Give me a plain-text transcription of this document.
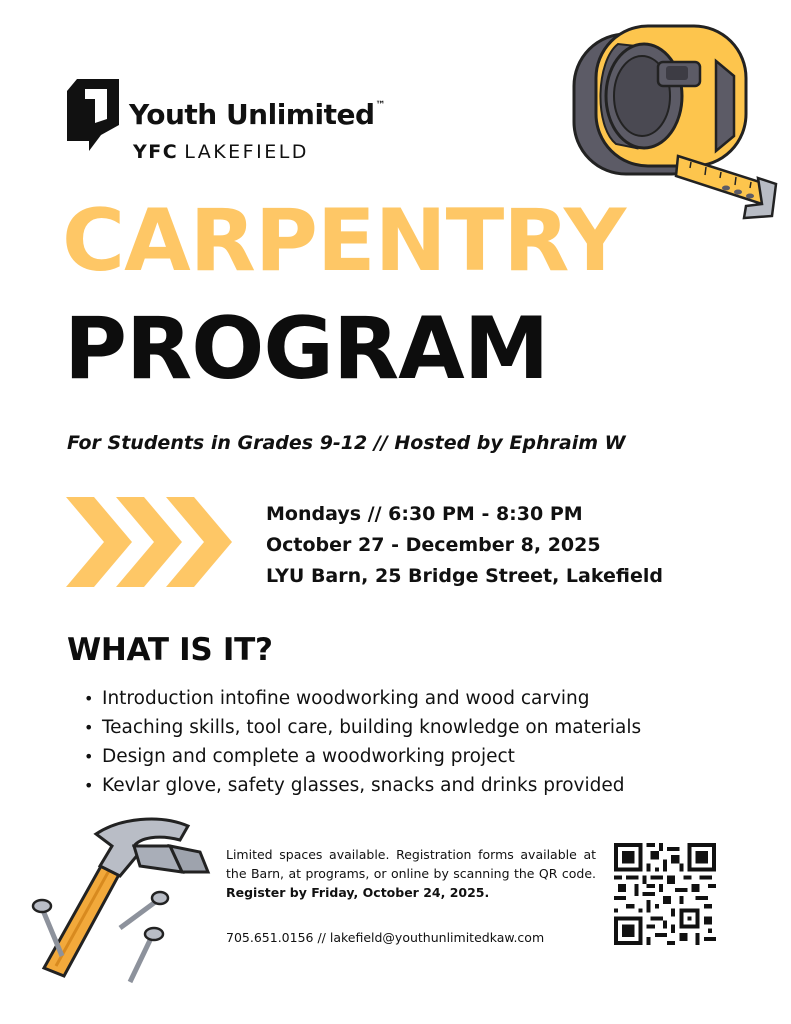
Youth Unlimited™
YFC LAKEFIELD
CARPENTRY
PROGRAM
For Students in Grades 9-12 // Hosted by Ephraim W
Mondays // 6:30 PM - 8:30 PM
October 27 - December 8, 2025
LYU Barn, 25 Bridge Street, Lakefield
WHAT IS IT?
• Introduction intofine woodworking and wood carving
• Teaching skills, tool care, building knowledge on materials
• Design and complete a woodworking project
• Kevlar glove, safety glasses, snacks and drinks provided

Limited spaces available. Registration forms available at the Barn, at programs, or online by scanning the QR code. Register by Friday, October 24, 2025.

705.651.0156 // lakefield@youthunlimitedkaw.com
